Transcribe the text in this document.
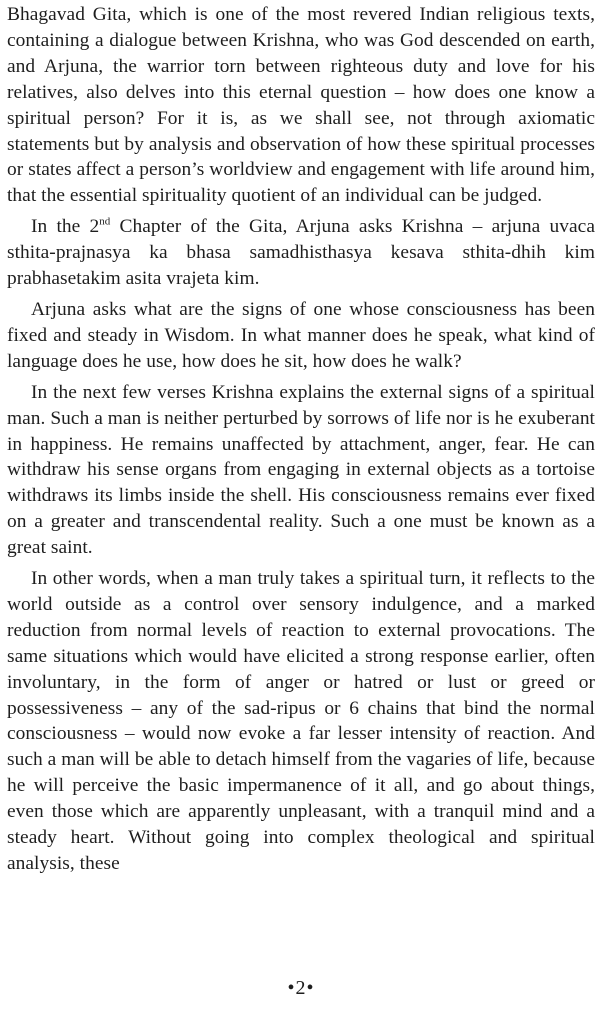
Bhagavad Gita, which is one of the most revered Indian religious texts, containing a dialogue between Krishna, who was God descended on earth, and Arjuna, the warrior torn between righteous duty and love for his relatives, also delves into this eternal question – how does one know a spiritual person? For it is, as we shall see, not through axiomatic statements but by analysis and observation of how these spiritual processes or states affect a person’s worldview and engagement with life around him, that the essential spirituality quotient of an individual can be judged.

In the 2nd Chapter of the Gita, Arjuna asks Krishna – arjuna uvaca sthita-prajnasya ka bhasa samadhisthasya kesava sthita-dhih kim prabhasetakim asita vrajeta kim.

Arjuna asks what are the signs of one whose consciousness has been fixed and steady in Wisdom. In what manner does he speak, what kind of language does he use, how does he sit, how does he walk?

In the next few verses Krishna explains the external signs of a spiritual man. Such a man is neither perturbed by sorrows of life nor is he exuberant in happiness. He remains unaffected by attachment, anger, fear. He can withdraw his sense organs from engaging in external objects as a tortoise withdraws its limbs inside the shell. His consciousness remains ever fixed on a greater and transcendental reality. Such a one must be known as a great saint.

In other words, when a man truly takes a spiritual turn, it reflects to the world outside as a control over sensory indulgence, and a marked reduction from normal levels of reaction to external provocations. The same situations which would have elicited a strong response earlier, often involuntary, in the form of anger or hatred or lust or greed or possessiveness – any of the sad-ripus or 6 chains that bind the normal consciousness – would now evoke a far lesser intensity of reaction. And such a man will be able to detach himself from the vagaries of life, because he will perceive the basic impermanence of it all, and go about things, even those which are apparently unpleasant, with a tranquil mind and a steady heart. Without going into complex theological and spiritual analysis, these

•2•
